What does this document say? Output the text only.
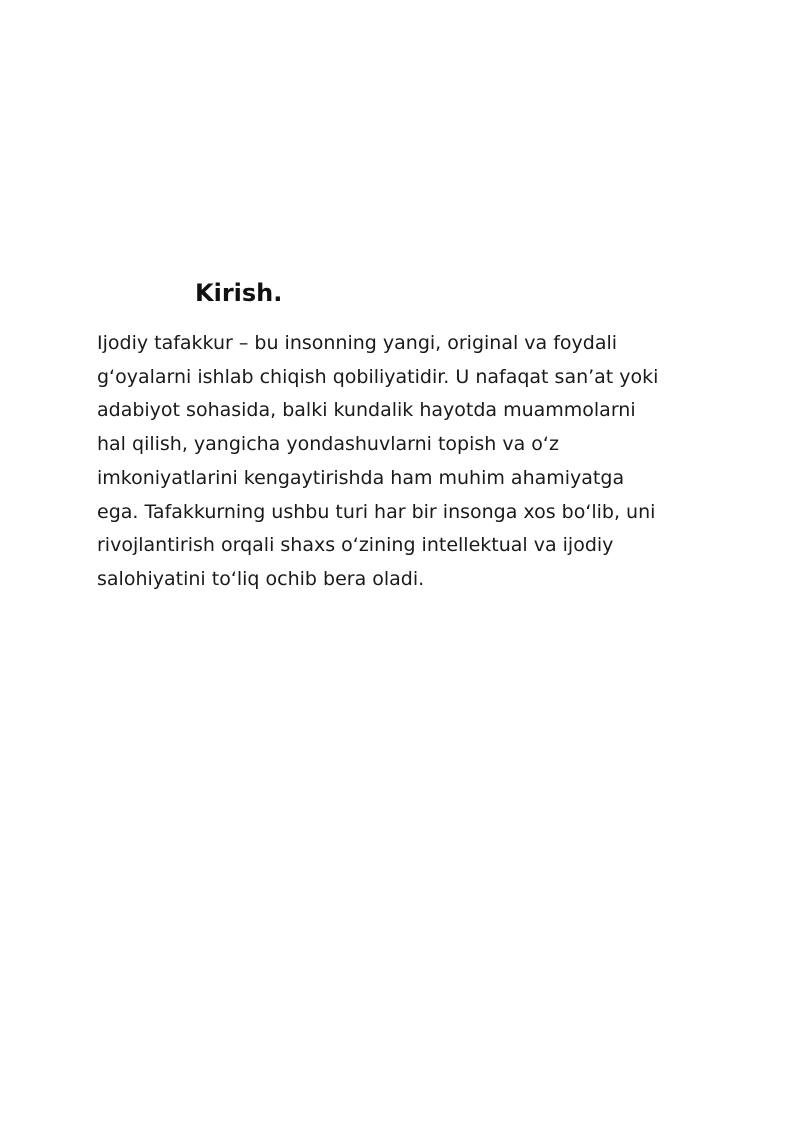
Kirish.

Ijodiy tafakkur – bu insonning yangi, original va foydali
g‘oyalarni ishlab chiqish qobiliyatidir. U nafaqat san’at yoki
adabiyot sohasida, balki kundalik hayotda muammolarni
hal qilish, yangicha yondashuvlarni topish va o‘z
imkoniyatlarini kengaytirishda ham muhim ahamiyatga
ega. Tafakkurning ushbu turi har bir insonga xos bo‘lib, uni
rivojlantirish orqali shaxs o‘zining intellektual va ijodiy
salohiyatini to‘liq ochib bera oladi.
